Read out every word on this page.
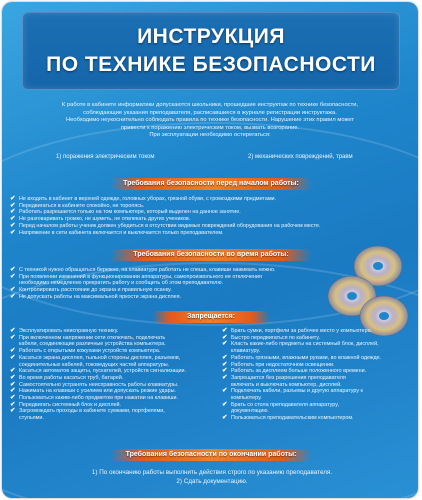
ИНСТРУКЦИЯ
ПО ТЕХНИКЕ БЕЗОПАСНОСТИ
К работе в кабинете информатики допускаются школьники, прошедшие инструктаж по технике безопасности,
соблюдающие указания преподавателя, расписавшиеся в журнале регистрации инструктажа.
Необходимо неукоснительно соблюдать правила по технике безопасности. Нарушение этих правил может
привести к поражению электрическим током, вызвать возгорание.
При эксплуатации необходимо остерегаться:
1) поражения электрическим током	2) механических повреждений, травм
Требования безопасности перед началом работы:
✔ Не входить в кабинет в верхней одежде, головных уборах, грязной обуви, с громоздкими предметами.
✔ Передвигаться в кабинете спокойно, не торопясь.
✔ Работать разрешается только на том компьютере, который выделен на данное занятие.
✔ Не разговаривать громко, не шуметь, не отвлекать других учеников.
✔ Перед началом работы ученик должен убедиться в отсутствии видимых повреждений оборудования на рабочем месте.
✔ Напряжение в сети кабинета включается и выключается только преподавателем.
Требования безопасности во время работы:
✔ С техникой нужно обращаться бережно, на клавиатуре работать не спеша, клавиши нажимать нежно.
✔ При появлении изменений в функционировании аппаратуры, самопроизвольного ее отключения
необходимо немедленно прекратить работу и сообщить об этом преподавателю.
✔ Контролировать расстояние до экрана и правильную осанку.
✔ Не допускать работы на максимальной яркости экрана дисплея.
Запрещается:
✔ Эксплуатировать неисправную технику.
✔ При включенном напряжении сети отключать, подключать
кабели, соединяющие различные устройства компьютера.
✔ Работать с открытыми кожухами устройств компьютера.
✔ Касаться экрана дисплея, тыльной стороны дисплея, разъемов,
соединительных кабелей, токоведущих частей аппаратуры.
✔ Касаться автоматов защиты, пускателей, устройств сигнализации.
✔ Во время работы касаться труб, батарей.
✔ Самостоятельно устранять неисправность работы клавиатуры.
✔ Нажимать на клавиши с усилием или допускать резкие удары.
✔ Пользоваться каким-либо предметом при нажатии на клавиши.
✔ Передвигать системный блок и дисплей.
✔ Загромождать проходы в кабинете сумками, портфелями,
стульями.
✔ Брать сумки, портфели за рабочее место у компьютера.
✔ Быстро передвигаться по кабинету.
✔ Класть какие-либо предметы на системный блок, дисплей,
клавиатуру.
✔ Работать грязными, влажными руками, во влажной одежде.
✔ Работать при недостаточном освещении.
✔ Работать за дисплеем больше положенного времени.
✔ Запрещается без разрешения преподавателя
включать и выключать компьютер, дисплей.
✔ Подключать кабели, разъемы и другую аппаратуру к
компьютеру.
✔ Брать со стола преподавателя аппаратуру,
документацию.
✔ Пользоваться преподавательским компьютером.
Требования безопасности по окончании работы:
1) По окончанию работы выполнить действия строго по указанию преподавателя.
2) Сдать документацию.
